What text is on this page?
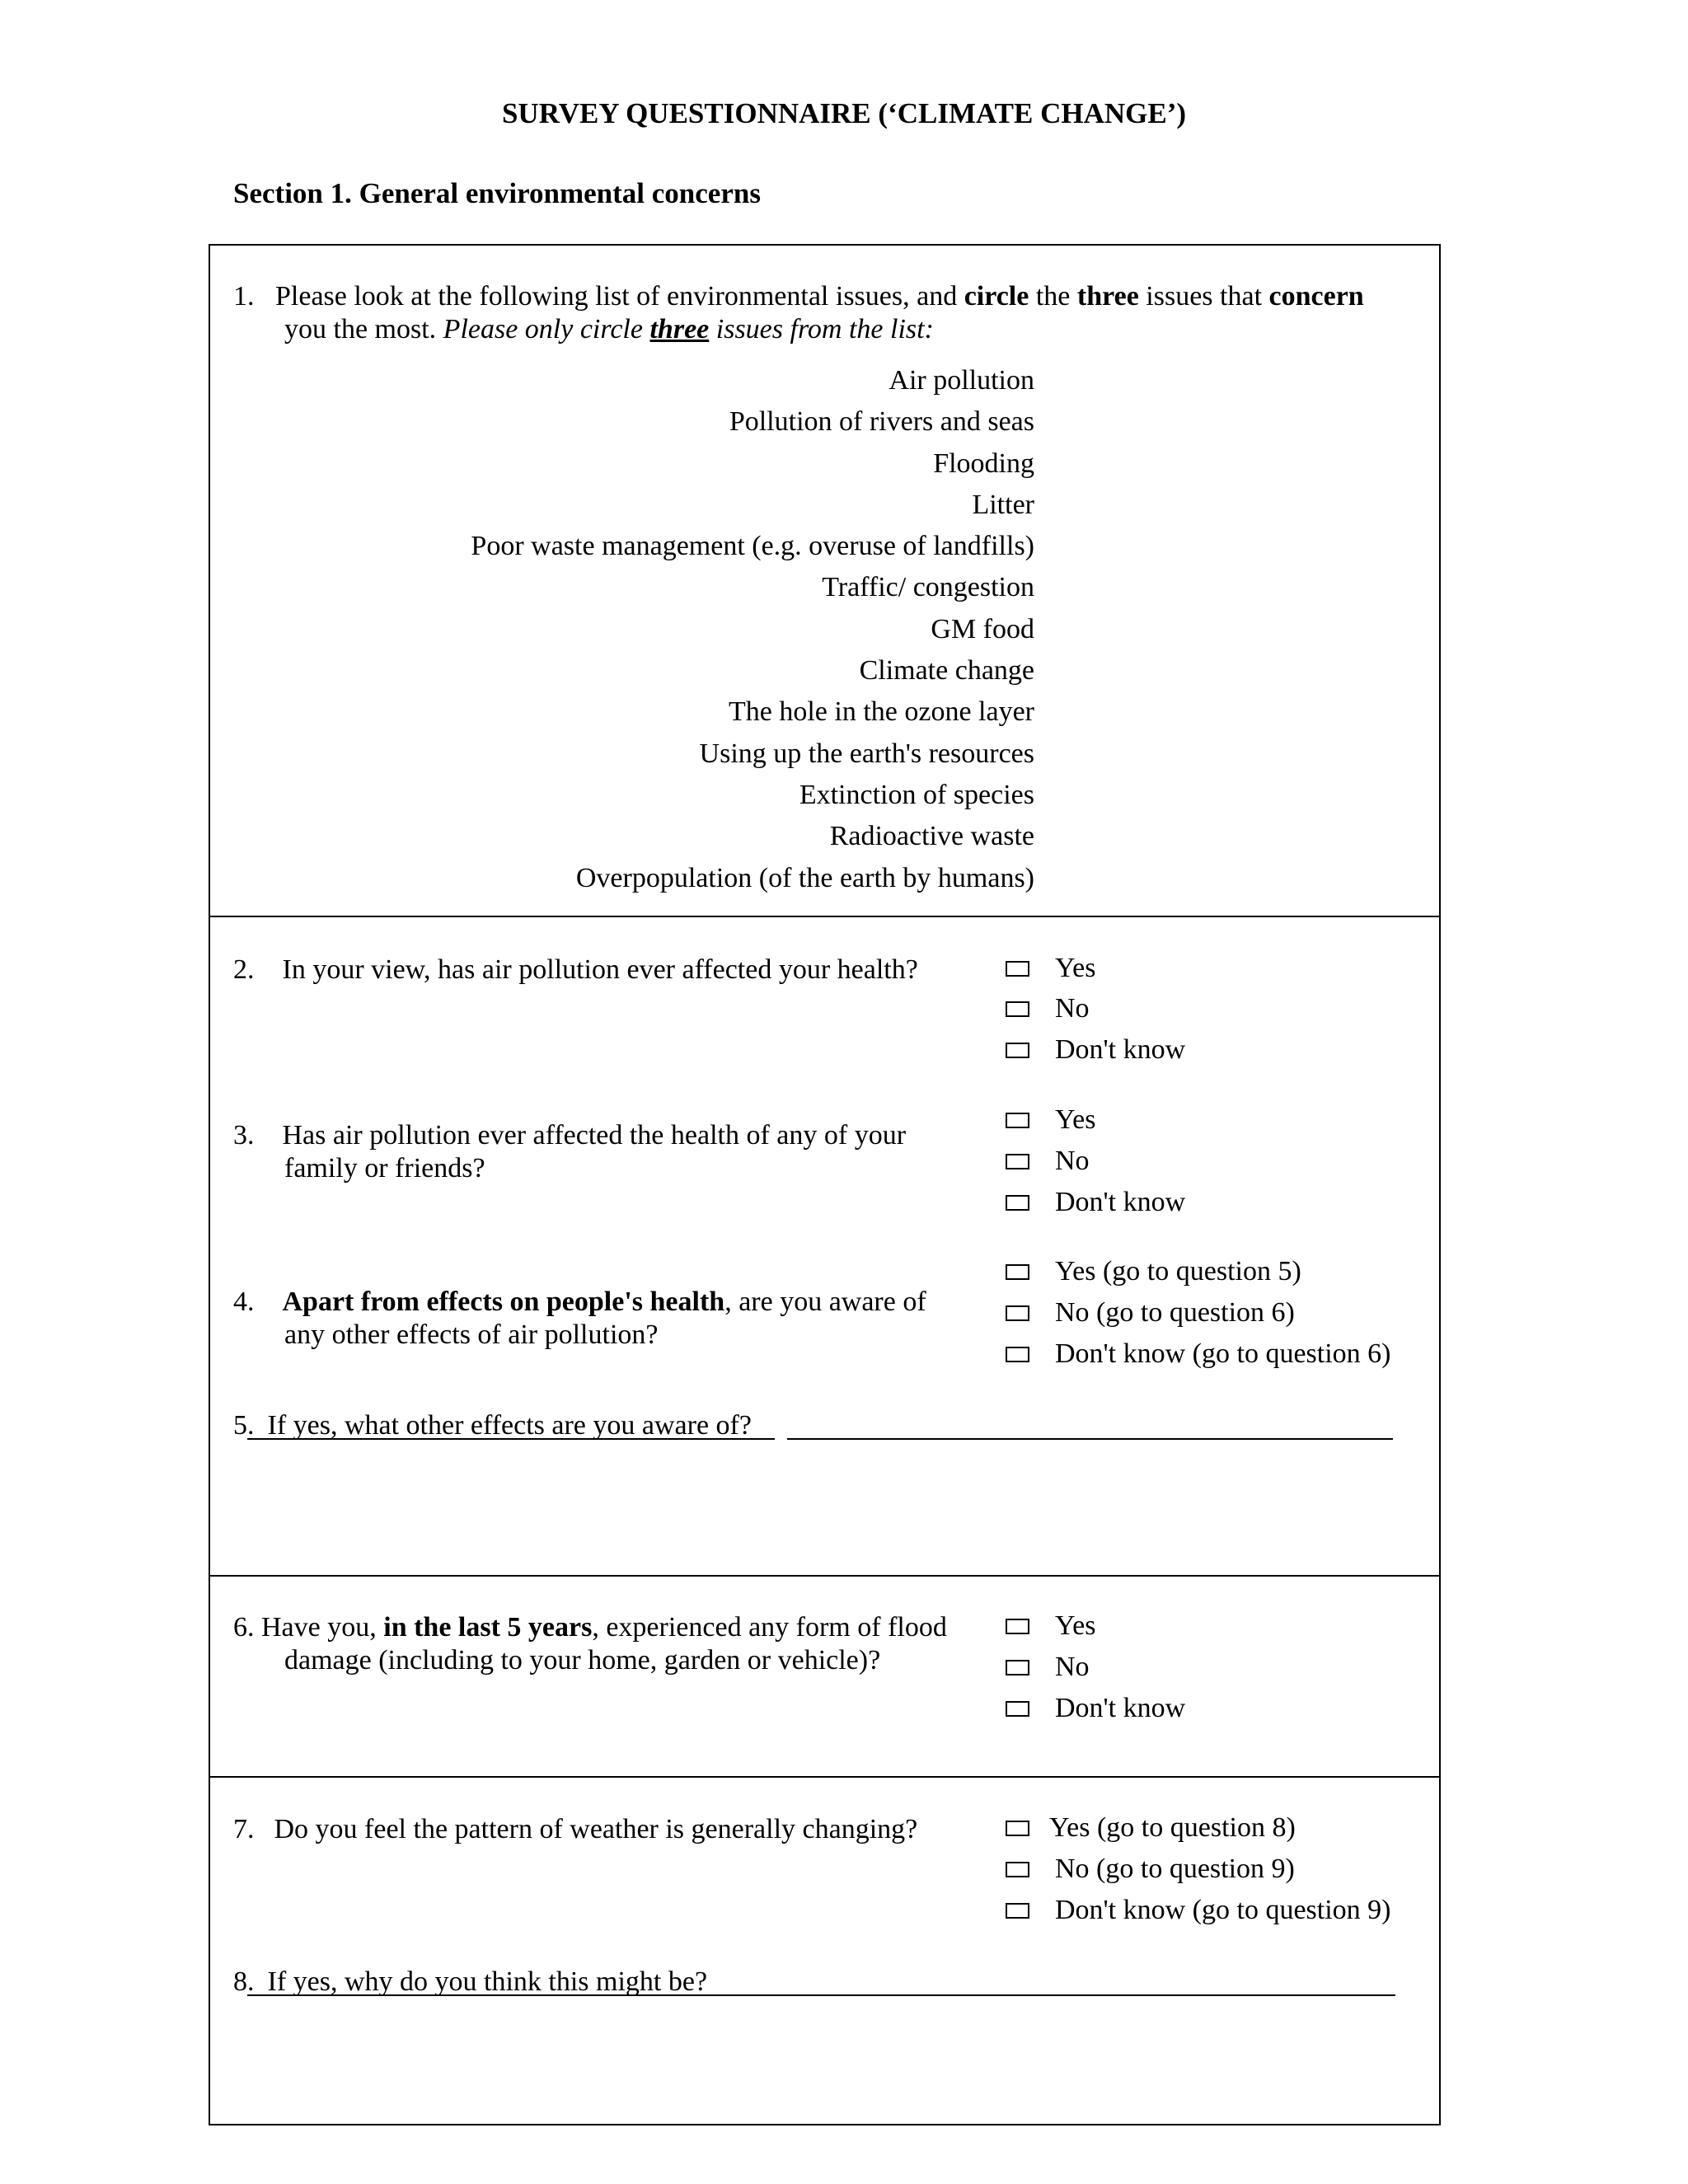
SURVEY QUESTIONNAIRE (‘CLIMATE CHANGE’)
Section 1. General environmental concerns
1. Please look at the following list of environmental issues, and circle the three issues that concern
you the most. Please only circle three issues from the list:
Air pollution
Pollution of rivers and seas
Flooding
Litter
Poor waste management (e.g. overuse of landfills)
Traffic/ congestion
GM food
Climate change
The hole in the ozone layer
Using up the earth's resources
Extinction of species
Radioactive waste
Overpopulation (of the earth by humans)
2. In your view, has air pollution ever affected your health?	Yes
No
Don't know
3. Has air pollution ever affected the health of any of your
family or friends?
Yes
No
Don't know
4. Apart from effects on people's health, are you aware of
any other effects of air pollution?
Yes (go to question 5)
No (go to question 6)
Don't know (go to question 6)
5. If yes, what other effects are you aware of?
6. Have you, in the last 5 years, experienced any form of flood
damage (including to your home, garden or vehicle)?
Yes
No
Don't know
7. Do you feel the pattern of weather is generally changing?	Yes (go to question 8)
No (go to question 9)
Don't know (go to question 9)
8. If yes, why do you think this might be?
